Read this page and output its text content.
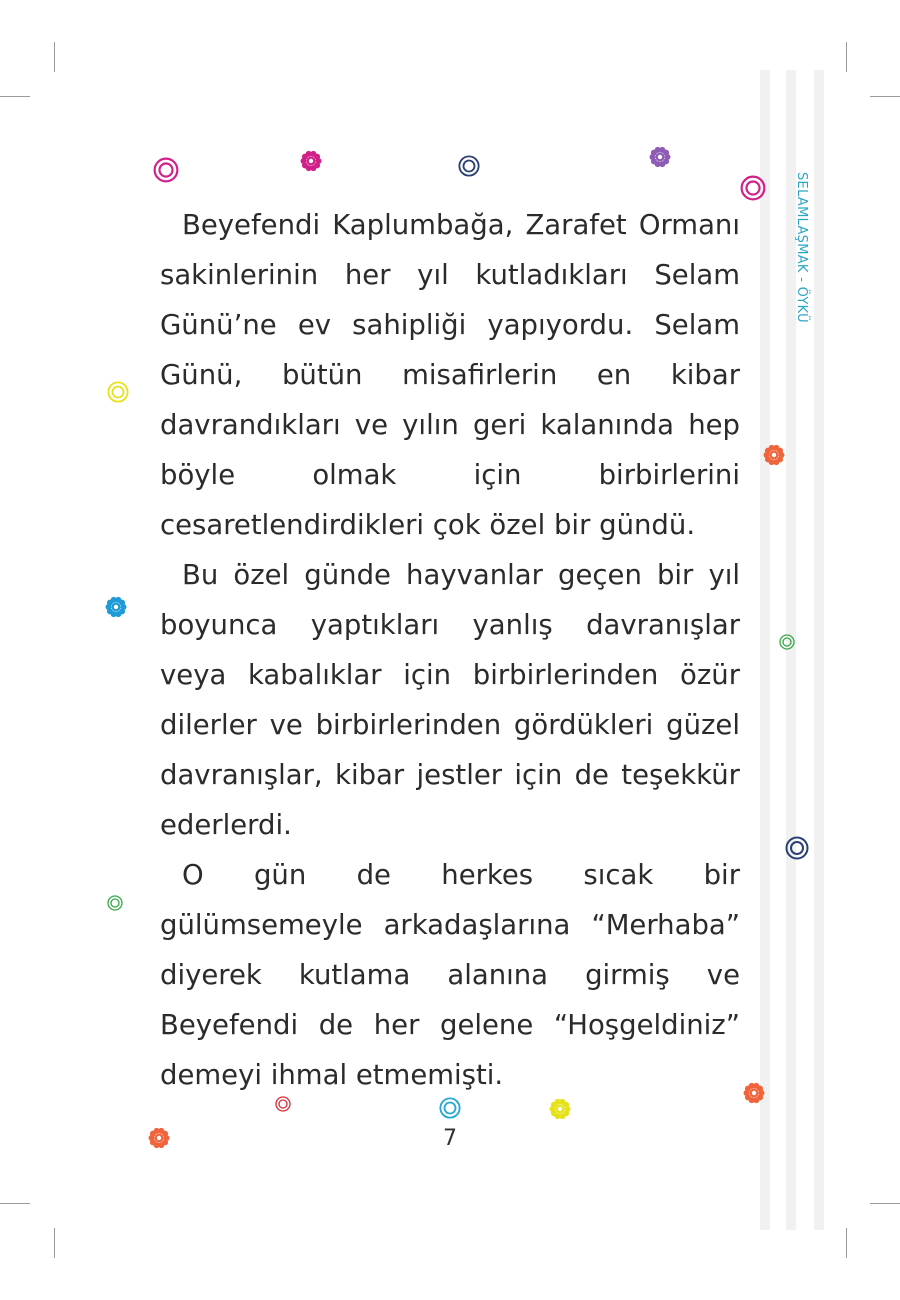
SELAMLAŞMAK - ÖYKÜ

Beyefendi Kaplumbağa, Zarafet Ormanı sakinlerinin her yıl kutladıkları Selam Günü’ne ev sahipliği yapıyordu. Selam Günü, bütün misafirlerin en kibar davrandıkları ve yılın geri kalanında hep böyle olmak için birbirlerini cesaretlendirdikleri çok özel bir gündü.

Bu özel günde hayvanlar geçen bir yıl boyunca yaptıkları yanlış davranışlar veya kabalıklar için birbirlerinden özür dilerler ve birbirlerinden gördükleri güzel davranışlar, kibar jestler için de teşekkür ederlerdi.

O gün de herkes sıcak bir gülümsemeyle arkadaşlarına “Merhaba” diyerek kutlama alanına girmiş ve Beyefendi de her gelene “Hoşgeldiniz” demeyi ihmal etmemişti.

7
